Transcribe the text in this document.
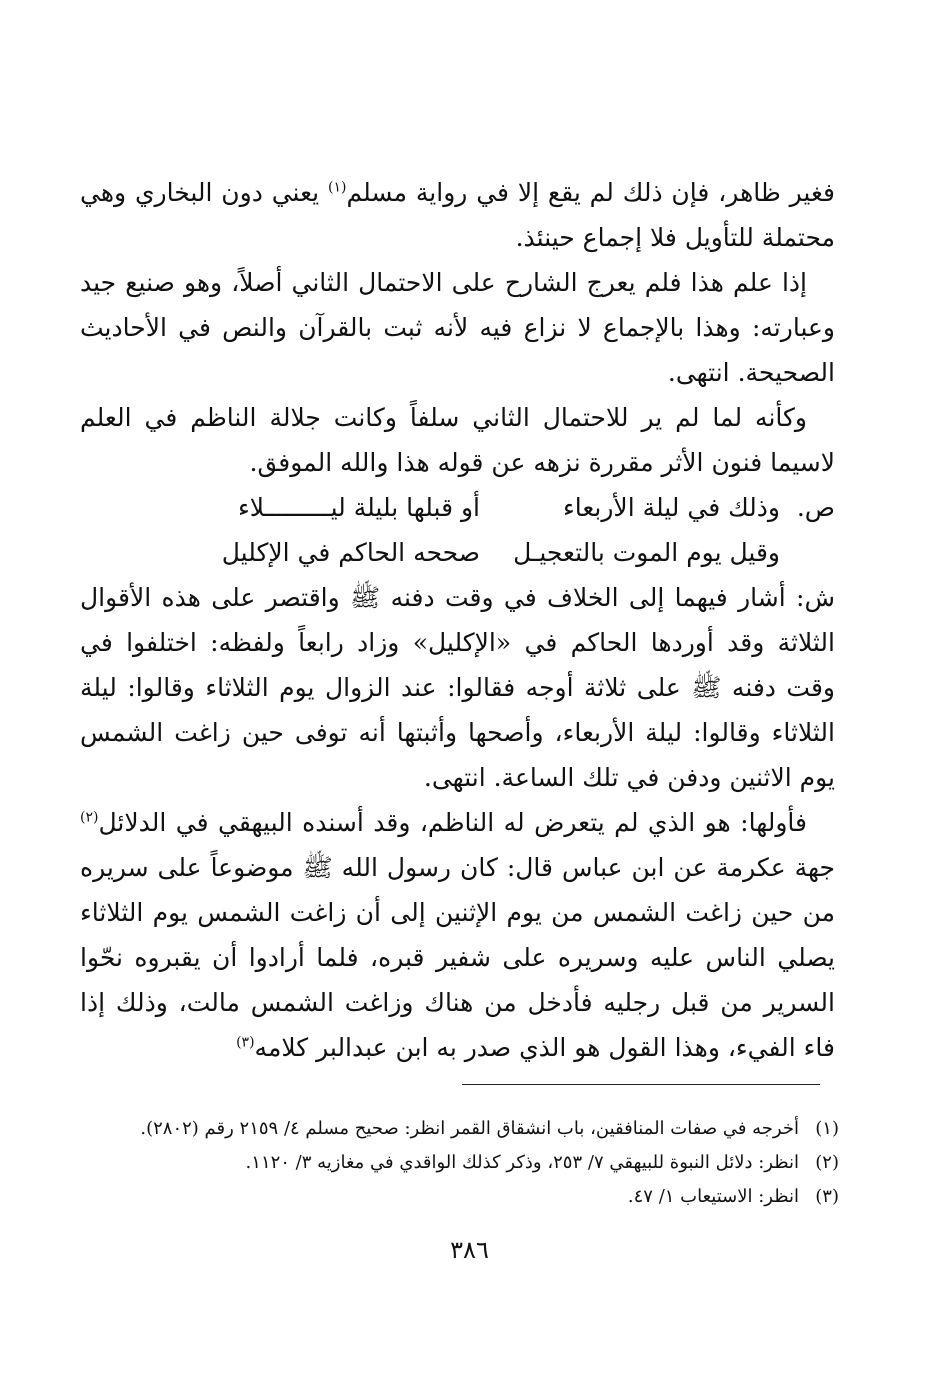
فغير ظاهر، فإن ذلك لم يقع إلا في رواية مسلم$^{(١)}$ يعني دون البخاري وهي محتملة للتأويل فلا إجماع حينئذ.

إذا علم هذا فلم يعرج الشارح على الاحتمال الثاني أصلاً، وهو صنيع جيد وعبارته: وهذا بالإجماع لا نزاع فيه لأنه ثبت بالقرآن والنص في الأحاديث الصحيحة. انتهى.

وكأنه لما لم ير للاحتمال الثاني سلفاً وكانت جلالة الناظم في العلم لاسيما فنون الأثر مقررة نزهه عن قوله هذا والله الموفق.

ص.
وذلك في ليلة الأربعاء
أو قبلها بليلة ليـــــــــلاء
وقيل يوم الموت بالتعجيـل
صححه الحاكم في الإكليل

ش: أشار فيهما إلى الخلاف في وقت دفنه ﷺ واقتصر على هذه الأقوال الثلاثة وقد أوردها الحاكم في «الإكليل» وزاد رابعاً ولفظه: اختلفوا في وقت دفنه ﷺ على ثلاثة أوجه فقالوا: عند الزوال يوم الثلاثاء وقالوا: ليلة الثلاثاء وقالوا: ليلة الأربعاء، وأصحها وأثبتها أنه توفى حين زاغت الشمس يوم الاثنين ودفن في تلك الساعة. انتهى.

فأولها: هو الذي لم يتعرض له الناظم، وقد أسنده البيهقي في الدلائل$^{(٢)}$ جهة عكرمة عن ابن عباس قال: كان رسول الله ﷺ موضوعاً على سريره من حين زاغت الشمس من يوم الإثنين إلى أن زاغت الشمس يوم الثلاثاء يصلي الناس عليه وسريره على شفير قبره، فلما أرادوا أن يقبروه نحّوا السرير من قبل رجليه فأدخل من هناك وزاغت الشمس مالت، وذلك إذا فاء الفيء، وهذا القول هو الذي صدر به ابن عبدالبر كلامه$^{(٣)}$

(١)أخرجه في صفات المنافقين، باب انشقاق القمر انظر: صحيح مسلم ٤/ ٢١٥٩ رقم (٢٨٠٢).
(٢)انظر: دلائل النبوة للبيهقي ٧/ ٢٥٣، وذكر كذلك الواقدي في مغازيه ٣/ ١١٢٠.
(٣)انظر: الاستيعاب ١/ ٤٧.
٣٨٦
